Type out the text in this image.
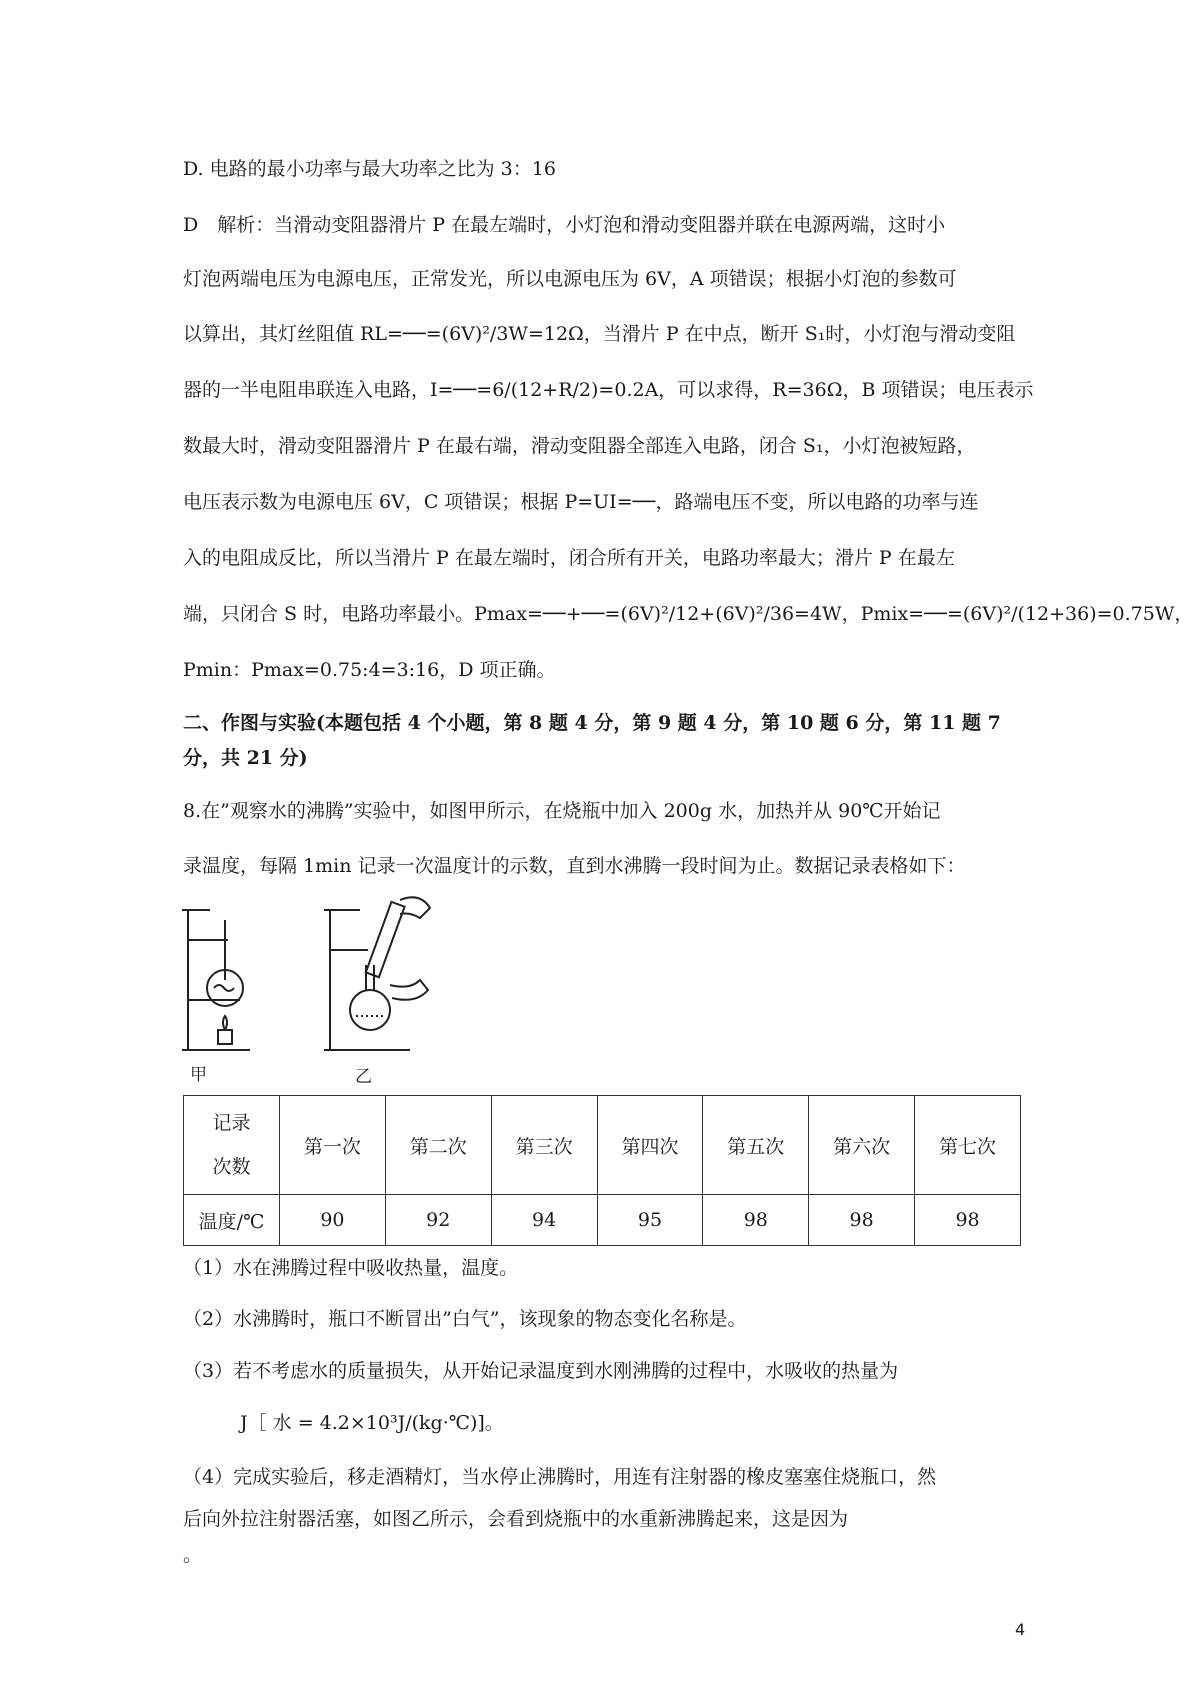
D. 电路的最小功率与最大功率之比为 3：16
D　解析：当滑动变阻器滑片 P 在最左端时，小灯泡和滑动变阻器并联在电源两端，这时小
灯泡两端电压为电源电压，正常发光，所以电源电压为 6V，A 项错误；根据小灯泡的参数可
以算出，其灯丝阻值 RL=──=(6V)²/3W=12Ω，当滑片 P 在中点，断开 S₁时，小灯泡与滑动变阻
器的一半电阻串联连入电路，I=──=6/(12+R/2)=0.2A，可以求得，R=36Ω，B 项错误；电压表示
数最大时，滑动变阻器滑片 P 在最右端，滑动变阻器全部连入电路，闭合 S₁，小灯泡被短路，
电压表示数为电源电压 6V，C 项错误；根据 P=UI=──，路端电压不变，所以电路的功率与连
入的电阻成反比，所以当滑片 P 在最左端时，闭合所有开关，电路功率最大；滑片 P 在最左
端，只闭合 S 时，电路功率最小。Pmax=──+──=(6V)²/12+(6V)²/36=4W，Pmix=──=(6V)²/(12+36)=0.75W，
Pmin：Pmax=0.75:4=3:16，D 项正确。
二、作图与实验(本题包括 4 个小题，第 8 题 4 分，第 9 题 4 分，第 10 题 6 分，第 11 题 7
分，共 21 分)
8.在”观察水的沸腾”实验中，如图甲所示，在烧瓶中加入 200g 水，加热并从 90℃开始记
录温度，每隔 1min 记录一次温度计的示数，直到水沸腾一段时间为止。数据记录表格如下：
甲	乙
记录次数	第一次	第二次	第三次	第四次	第五次	第六次	第七次
温度/℃	90	92	94	95	98	98	98
（1）水在沸腾过程中吸收热量，温度。
（2）水沸腾时，瓶口不断冒出”白气”，该现象的物态变化名称是。
（3）若不考虑水的质量损失，从开始记录温度到水刚沸腾的过程中，水吸收的热量为
J［ 水 = 4.2×10³J/(kg·℃)]。
（4）完成实验后，移走酒精灯，当水停止沸腾时，用连有注射器的橡皮塞塞住烧瓶口，然
后向外拉注射器活塞，如图乙所示，会看到烧瓶中的水重新沸腾起来，这是因为
。
4
